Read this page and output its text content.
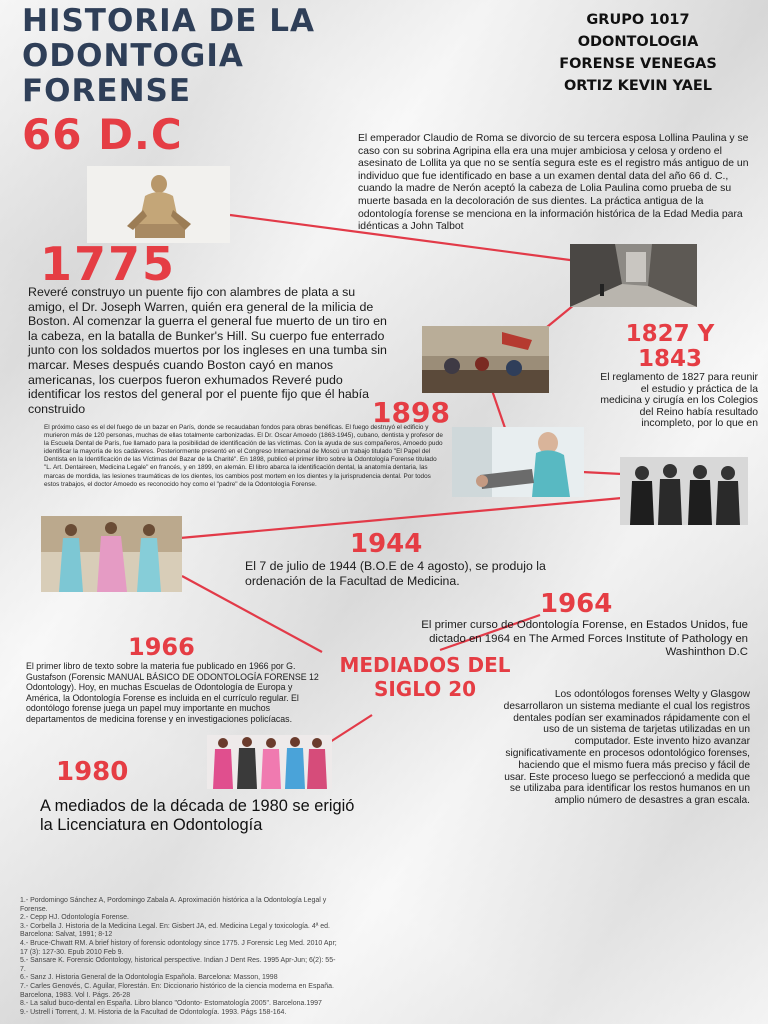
HISTORIA DE LA
ODONTOGIA
FORENSE
GRUPO 1017
ODONTOLOGIA
FORENSE VENEGAS
ORTIZ KEVIN YAEL
66 D.C	El emperador Claudio de Roma se divorcio de su tercera esposa Lollina Paulina y se caso con su sobrina Agripina ella era una mujer ambiciosa y celosa y ordeno el asesinato de Lollita ya que no se sentía segura este es el registro más antiguo de un individuo que fue identificado en base a un examen dental data del año 66 d. C., cuando la madre de Nerón aceptó la cabeza de Lolia Paulina como prueba de su muerte basada en la decoloración de sus dientes. La práctica antigua de la odontología forense se menciona en la información histórica de la Edad Media para idénticas a John Talbot

1775

Reveré construyo un puente fijo con alambres de plata a su amigo, el Dr. Joseph Warren, quién era general de la milicia de Boston. Al comenzar la guerra el general fue muerto de un tiro en la cabeza, en la batalla de Bunker's Hill. Su cuerpo fue enterrado junto con los soldados muertos por los ingleses en una tumba sin marcar. Meses después cuando Boston cayó en manos americanas, los cuerpos fueron exhumados Reveré pudo identificar los restos del general por el puente fijo que él había construido

1827 Y
1843

El reglamento de 1827 para reunir el estudio y práctica de la medicina y cirugía en los Colegios del Reino había resultado incompleto, por lo que en

1898

El próximo caso es el del fuego de un bazar en París, donde se recaudaban fondos para obras benéficas. El fuego destruyó el edificio y murieron más de 120 personas, muchas de ellas totalmente carbonizadas. El Dr. Oscar Amoedo (1863-1945), cubano, dentista y profesor de la Escuela Dental de París, fue llamado para la posibilidad de identificación de las víctimas. Con la ayuda de sus compañeros, Amoedo pudo identificar la mayoría de los cadáveres. Posteriormente presentó en el Congreso Internacional de Moscú un trabajo titulado "El Papel del Dentista en la Identificación de las Víctimas del Bazar de la Charité". En 1898, publicó el primer libro sobre la Odontología Forense titulado "L. Art. Dentaireen, Medicina Legale" en francés, y en 1899, en alemán. El libro abarca la identificación dental, la anatomía dentaria, las marcas de mordida, las lesiones traumáticas de los dientes, los cambios post mortem en los dientes y la jurisprudencia dental. Por todos estos trabajos, el doctor Amoedo es reconocido hoy como el "padre" de la Odontología Forense.

1944

El 7 de julio de 1944 (B.O.E de 4 agosto), se produjo la ordenación de la Facultad de Medicina.

1964

El primer curso de Odontología Forense, en Estados Unidos, fue dictado en 1964 en The Armed Forces Institute of Pathology en Washinthon D.C

1966

El primer libro de texto sobre la materia fue publicado en 1966 por G. Gustafson (Forensic MANUAL BÁSICO DE ODONTOLOGÍA FORENSE 12 Odontology). Hoy, en muchas Escuelas de Odontología de Europa y América, la Odontología Forense es incluida en el currículo regular. El odontólogo forense juega un papel muy importante en muchos departamentos de medicina forense y en investigaciones policíacas.

MEDIADOS DEL
SIGLO 20	Los odontólogos forenses Welty y Glasgow desarrollaron un sistema mediante el cual los registros dentales podían ser examinados rápidamente con el uso de un sistema de tarjetas utilizadas en un computador. Este invento hizo avanzar significativamente en procesos odontológico forenses, haciendo que el mismo fuera más preciso y fácil de usar. Este proceso luego se perfeccionó a medida que se utilizaba para identificar los restos humanos en un amplio número de desastres a gran escala.

1980

A mediados de la década de 1980 se erigió la Licenciatura en Odontología

1.- Pordomingo Sánchez A, Pordomingo Zabala A. Aproximación histórica a la Odontología Legal y Forense.
2.- Cepp HJ. Odontología Forense.
3.- Corbella J. Historia de la Medicina Legal. En: Gisbert JA, ed. Medicina Legal y toxicología. 4ª ed. Barcelona: Salvat, 1991; 8-12
4.- Bruce-Chwatt RM. A brief history of forensic odontology since 1775. J Forensic Leg Med. 2010 Apr; 17 (3): 127-30. Epub 2010 Feb 9.
5.- Sansare K. Forensic Odontology, historical perspective. Indian J Dent Res. 1995 Apr-Jun; 6(2): 55-7.
6.- Sanz J. Historia General de la Odontología Española. Barcelona: Masson, 1998
7.- Carles Genovés, C. Aguilar, Florestán. En: Diccionario histórico de la ciencia moderna en España. Barcelona, 1983. Vol I. Págs. 26-28
8.- La salud buco-dental en España. Libro blanco "Odonto- Estomatología 2005". Barcelona.1997
9.- Ustrell i Torrent, J. M. Historia de la Facultad de Odontología. 1993. Págs 158-164.
